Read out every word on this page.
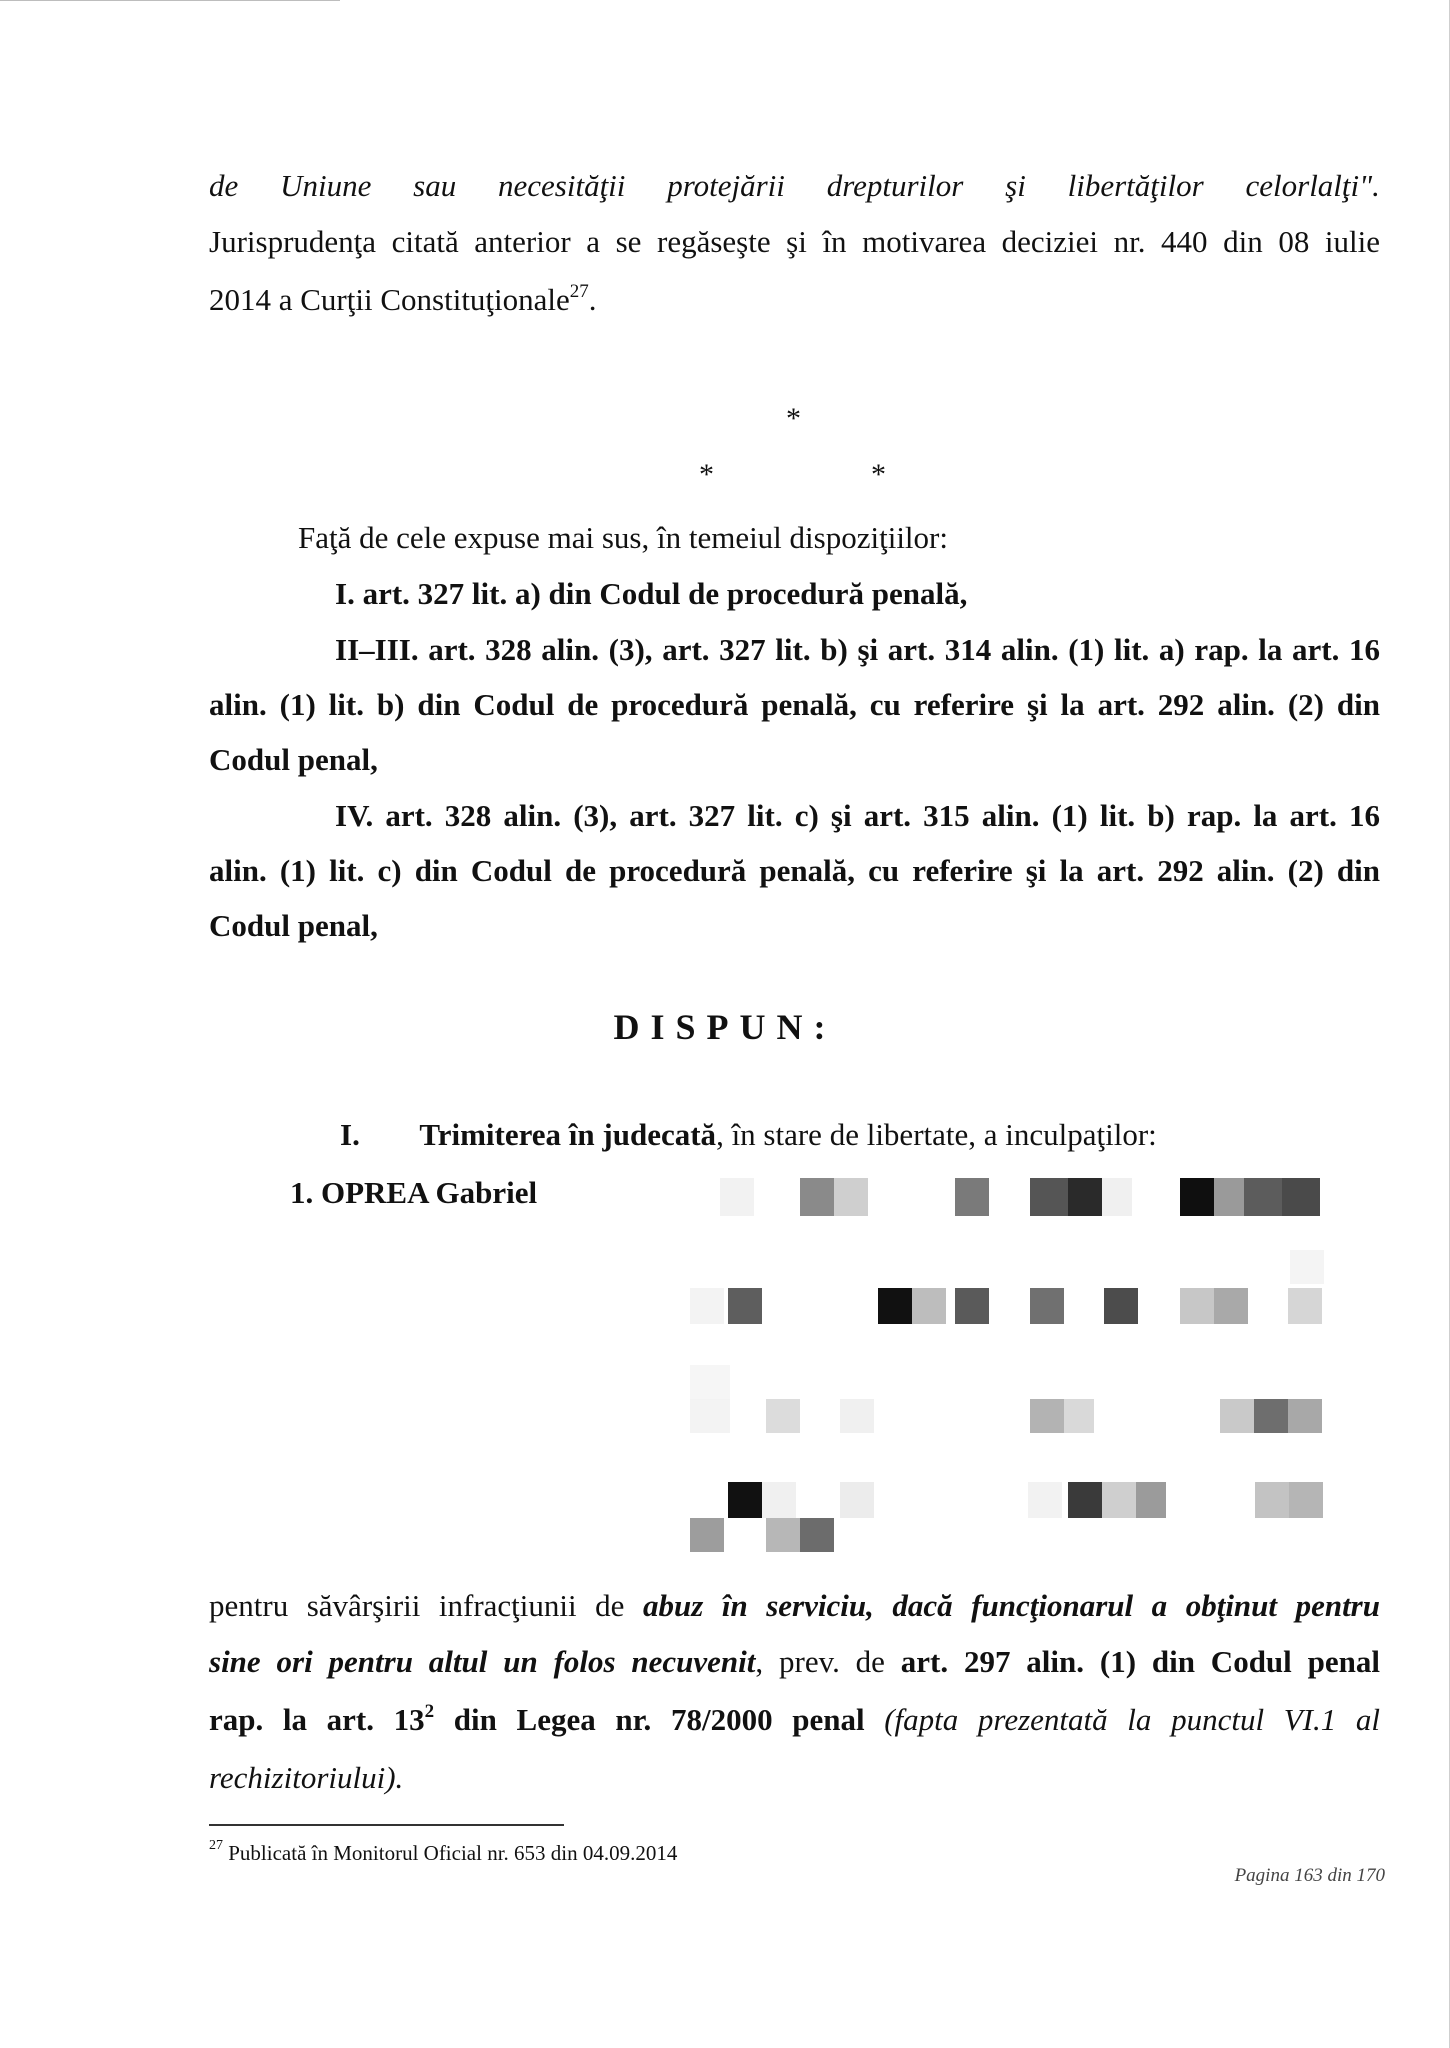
de Uniune sau necesităţii protejării drepturilor şi libertăţilor celorlalţi".
Jurisprudenţa citată anterior a se regăseşte şi în motivarea deciziei nr. 440 din 08 iulie
2014 a Curţii Constituţionale$^{27}$.
*
*	*
Faţă de cele expuse mai sus, în temeiul dispoziţiilor:
I. art. 327 lit. a) din Codul de procedură penală,
II–III. art. 328 alin. (3), art. 327 lit. b) şi art. 314 alin. (1) lit. a) rap. la art. 16
alin. (1) lit. b) din Codul de procedură penală, cu referire şi la art. 292 alin. (2) din
Codul penal,
IV. art. 328 alin. (3), art. 327 lit. c) şi art. 315 alin. (1) lit. b) rap. la art. 16
alin. (1) lit. c) din Codul de procedură penală, cu referire şi la art. 292 alin. (2) din
Codul penal,
DISPUN:
I. Trimiterea în judecată, în stare de libertate, a inculpaţilor:
1. OPREA Gabriel
pentru săvârşirii infracţiunii de abuz în serviciu, dacă funcţionarul a obţinut pentru
sine ori pentru altul un folos necuvenit, prev. de art. 297 alin. (1) din Codul penal
rap. la art. $13^2$ din Legea nr. 78/2000 penal (fapta prezentată la punctul VI.1 al
rechizitoriului).
$^{27}$ Publicată în Monitorul Oficial nr. 653 din 04.09.2014
Pagina 163 din 170
